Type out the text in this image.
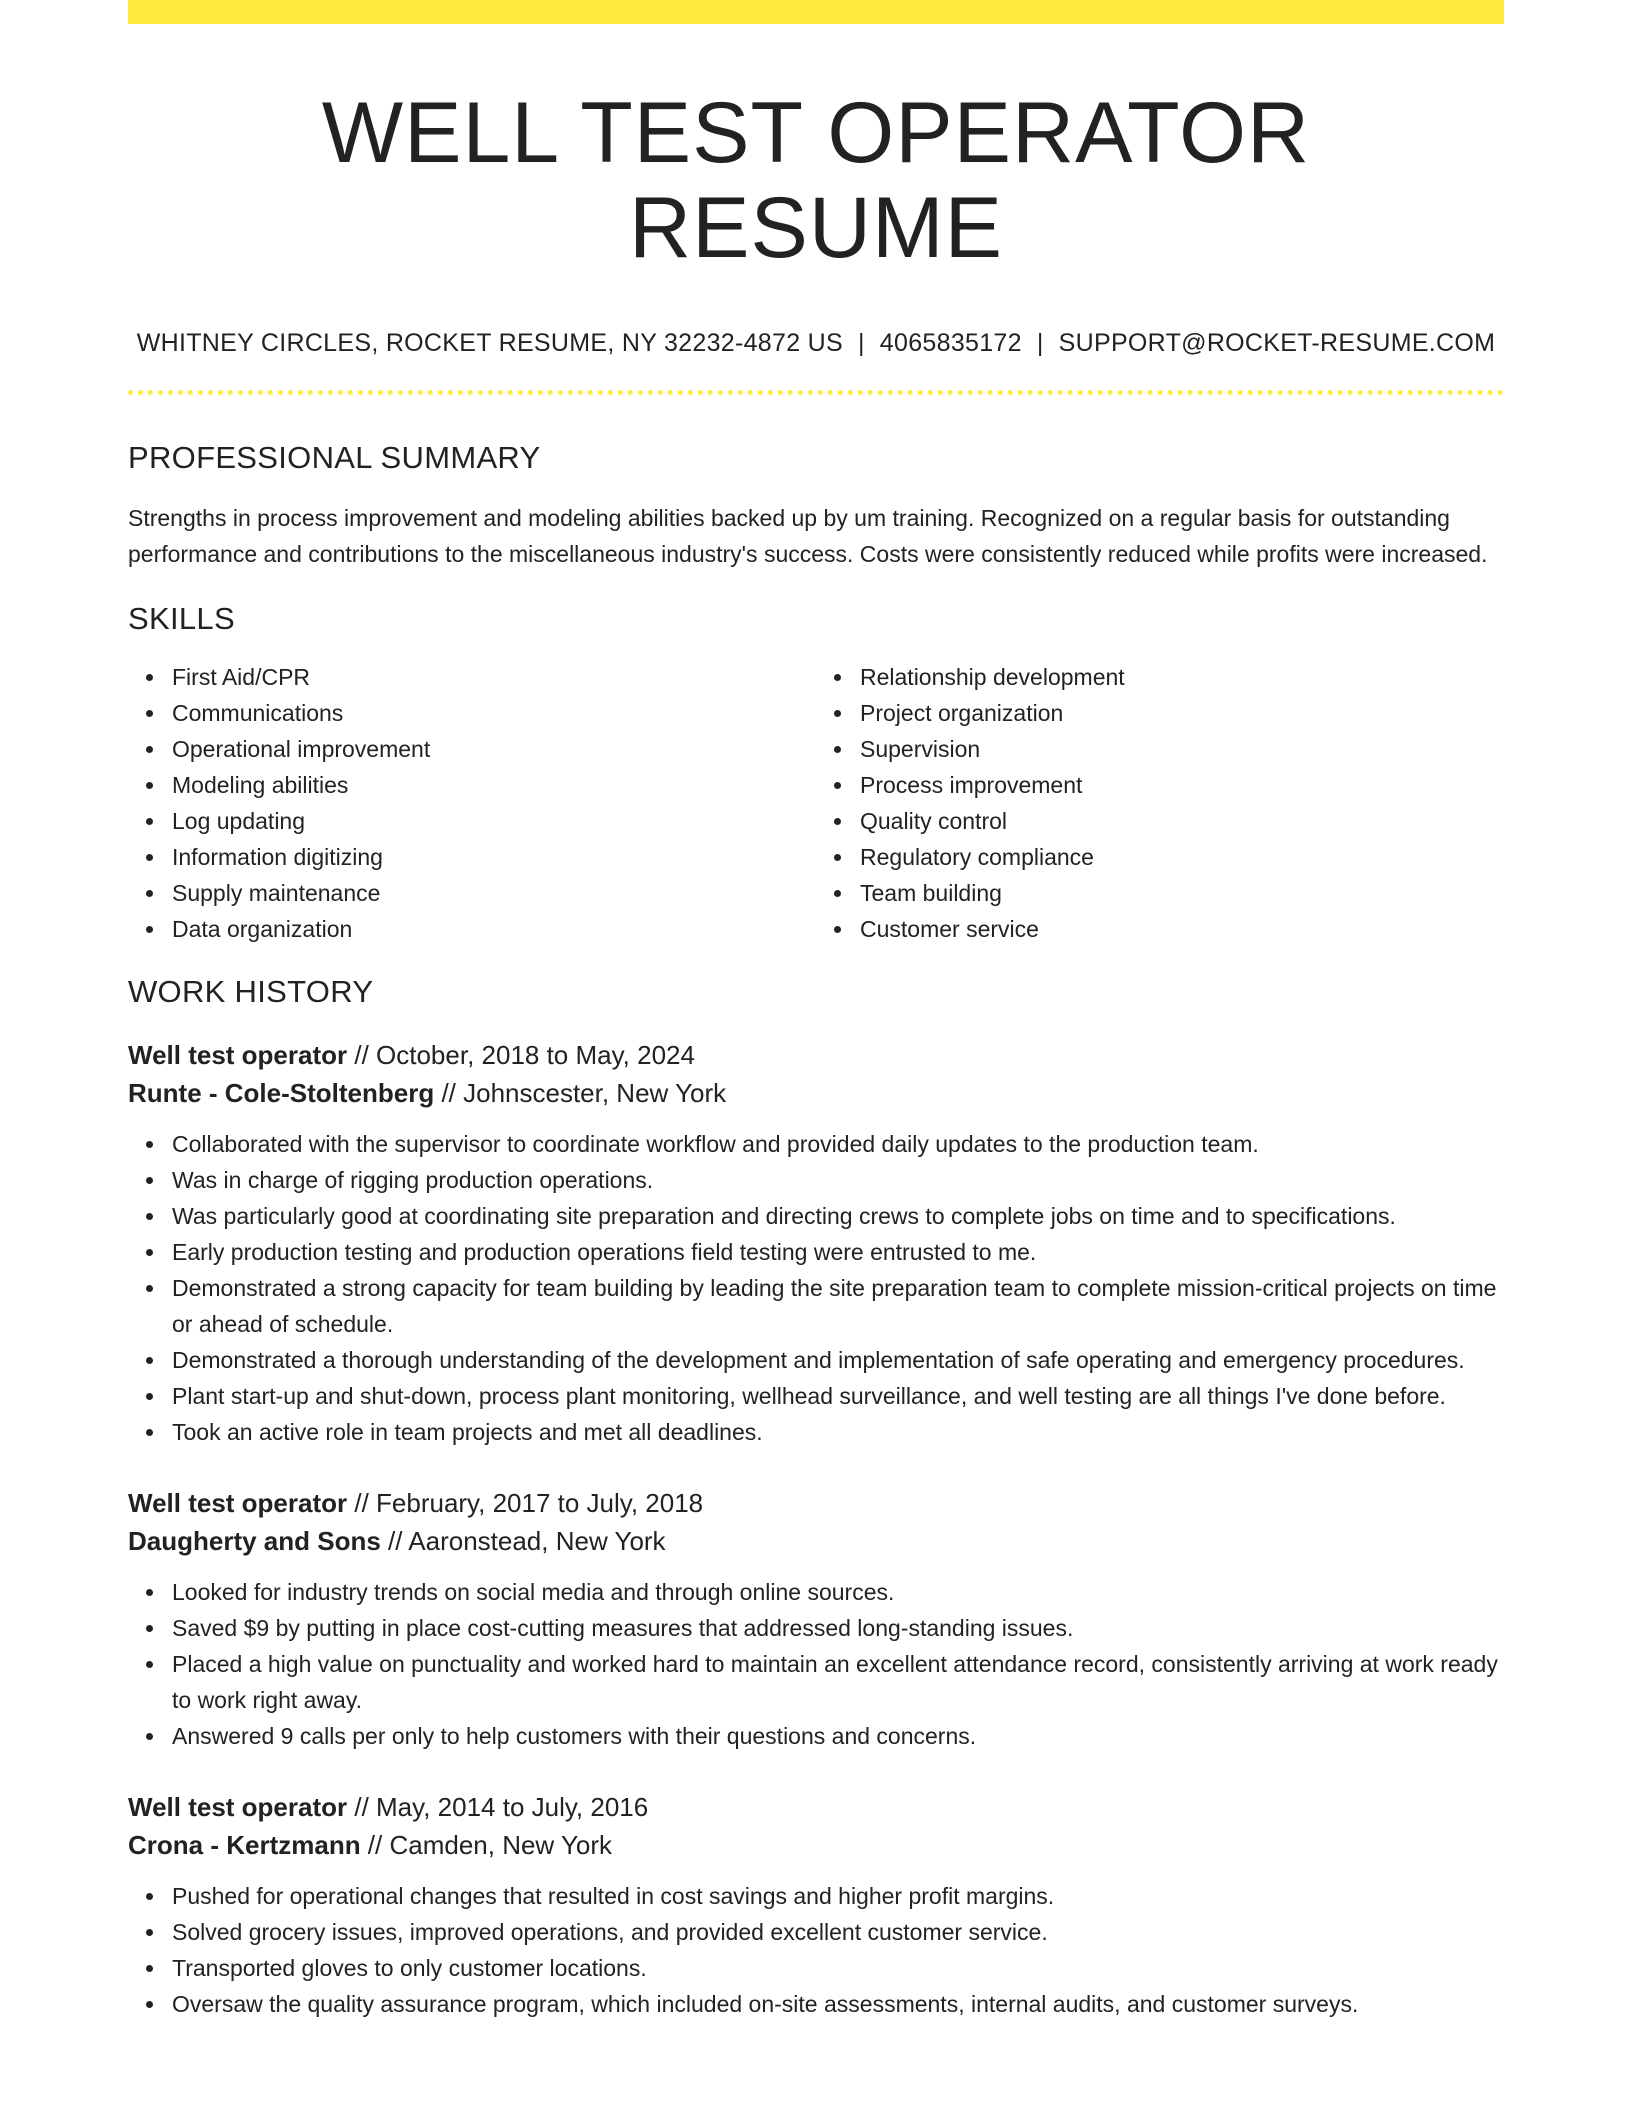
WELL TEST OPERATOR RESUME
WHITNEY CIRCLES, ROCKET RESUME, NY 32232-4872 US | 4065835172 | SUPPORT@ROCKET-RESUME.COM
PROFESSIONAL SUMMARY

Strengths in process improvement and modeling abilities backed up by um training. Recognized on a regular basis for outstanding performance and contributions to the miscellaneous industry's success. Costs were consistently reduced while profits were increased.

SKILLS
First Aid/CPR
Communications
Operational improvement
Modeling abilities
Log updating
Information digitizing
Supply maintenance
Data organization
Relationship development
Project organization
Supervision
Process improvement
Quality control
Regulatory compliance
Team building
Customer service
WORK HISTORY
Well test operator // October, 2018 to May, 2024
Runte - Cole-Stoltenberg // Johnscester, New York
Collaborated with the supervisor to coordinate workflow and provided daily updates to the production team.
Was in charge of rigging production operations.
Was particularly good at coordinating site preparation and directing crews to complete jobs on time and to specifications.
Early production testing and production operations field testing were entrusted to me.
Demonstrated a strong capacity for team building by leading the site preparation team to complete mission-critical projects on time or ahead of schedule.
Demonstrated a thorough understanding of the development and implementation of safe operating and emergency procedures.
Plant start-up and shut-down, process plant monitoring, wellhead surveillance, and well testing are all things I've done before.
Took an active role in team projects and met all deadlines.
Well test operator // February, 2017 to July, 2018
Daugherty and Sons // Aaronstead, New York
Looked for industry trends on social media and through online sources.
Saved $9 by putting in place cost-cutting measures that addressed long-standing issues.
Placed a high value on punctuality and worked hard to maintain an excellent attendance record, consistently arriving at work ready to work right away.
Answered 9 calls per only to help customers with their questions and concerns.
Well test operator // May, 2014 to July, 2016
Crona - Kertzmann // Camden, New York
Pushed for operational changes that resulted in cost savings and higher profit margins.
Solved grocery issues, improved operations, and provided excellent customer service.
Transported gloves to only customer locations.
Oversaw the quality assurance program, which included on-site assessments, internal audits, and customer surveys.
